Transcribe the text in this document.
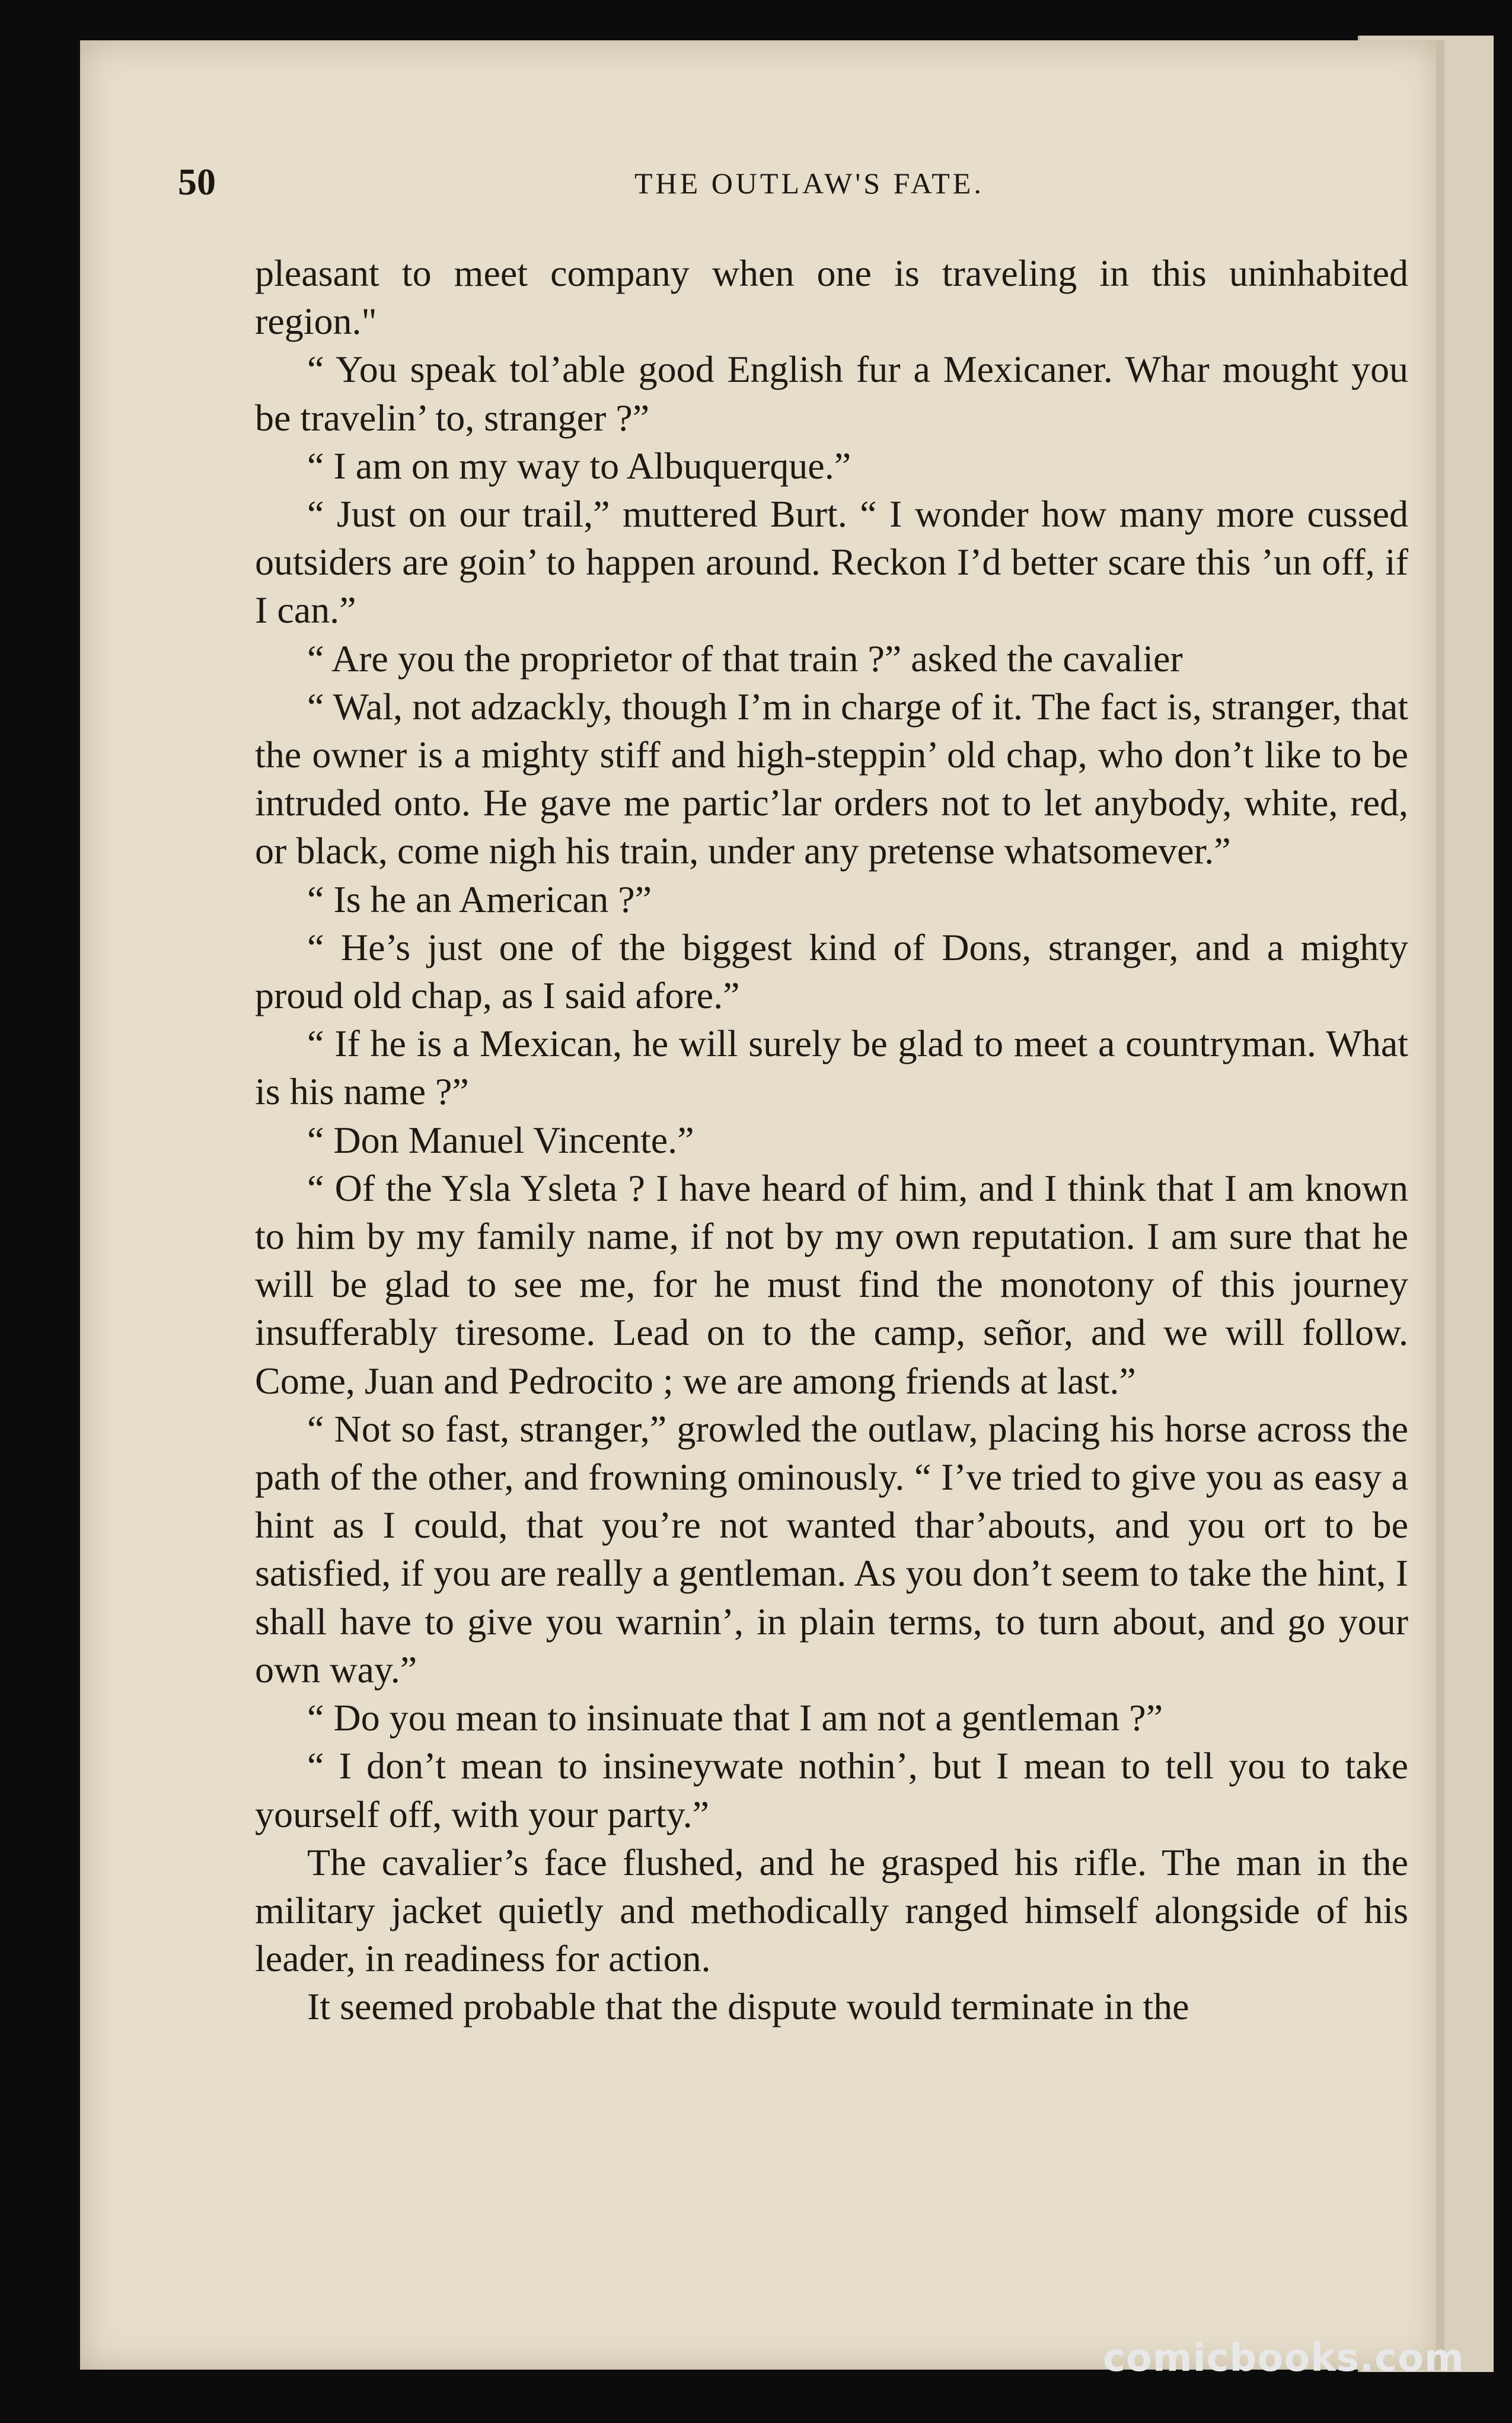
50	THE OUTLAW'S FATE.

pleasant to meet company when one is traveling in this uninhabited region."

“ You speak tol’able good English fur a Mexicaner. Whar mought you be travelin’ to, stranger ?”

“ I am on my way to Albuquerque.”

“ Just on our trail,” muttered Burt. “ I wonder how many more cussed outsiders are goin’ to happen around. Reckon I’d better scare this ’un off, if I can.”

“ Are you the proprietor of that train ?” asked the cavalier

“ Wal, not adzackly, though I’m in charge of it. The fact is, stranger, that the owner is a mighty stiff and high-steppin’ old chap, who don’t like to be intruded onto. He gave me partic’lar orders not to let anybody, white, red, or black, come nigh his train, under any pretense whatsomever.”

“ Is he an American ?”

“ He’s just one of the biggest kind of Dons, stranger, and a mighty proud old chap, as I said afore.”

“ If he is a Mexican, he will surely be glad to meet a countryman. What is his name ?”

“ Don Manuel Vincente.”

“ Of the Ysla Ysleta ? I have heard of him, and I think that I am known to him by my family name, if not by my own reputation. I am sure that he will be glad to see me, for he must find the monotony of this journey insufferably tiresome. Lead on to the camp, señor, and we will follow. Come, Juan and Pedrocito ; we are among friends at last.”

“ Not so fast, stranger,” growled the outlaw, placing his horse across the path of the other, and frowning ominously. “ I’ve tried to give you as easy a hint as I could, that you’re not wanted thar’abouts, and you ort to be satisfied, if you are really a gentleman. As you don’t seem to take the hint, I shall have to give you warnin’, in plain terms, to turn about, and go your own way.”

“ Do you mean to insinuate that I am not a gentleman ?”

“ I don’t mean to insineywate nothin’, but I mean to tell you to take yourself off, with your party.”

The cavalier’s face flushed, and he grasped his rifle. The man in the military jacket quietly and methodically ranged himself alongside of his leader, in readiness for action.

It seemed probable that the dispute would terminate in the

comicbooks.com
